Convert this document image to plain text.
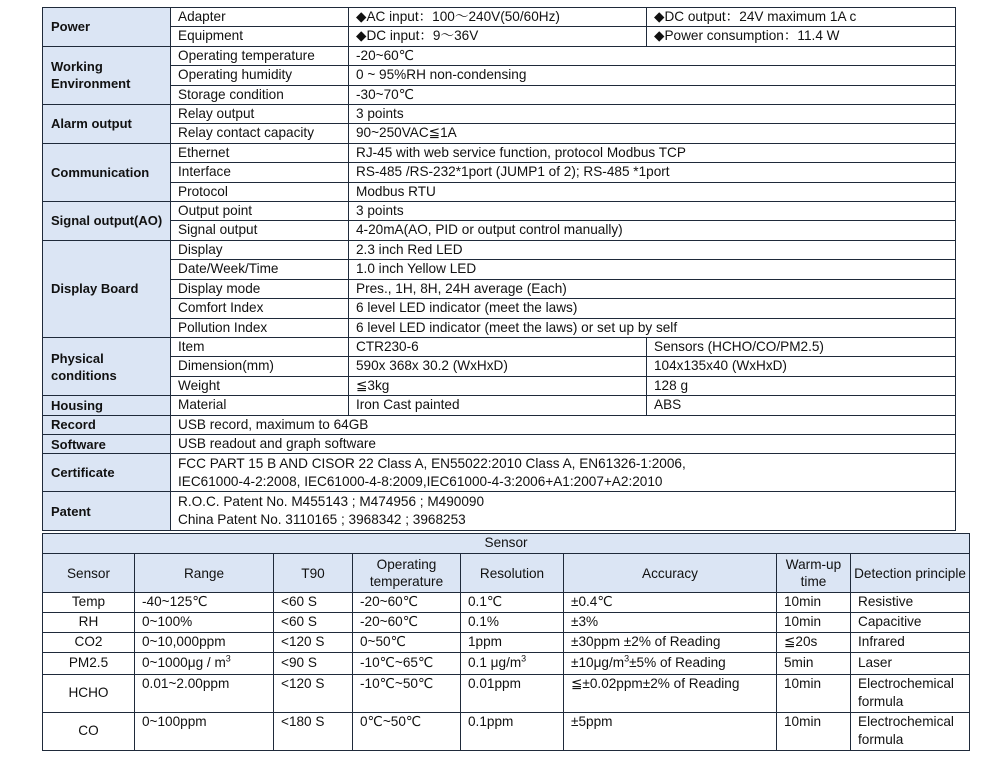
Power	Adapter	◆AC input：100～240V(50/60Hz)	◆DC output：24V maximum 1A c
	Equipment	◆DC input：9～36V	◆Power consumption：11.4 W
Working Environment	Operating temperature	-20~60℃	
	Operating humidity	0 ~ 95%RH non-condensing	
	Storage condition	-30~70℃	
Alarm output	Relay output	3 points	
	Relay contact capacity	90~250VAC≦1A	
Communication	Ethernet	RJ-45 with web service function, protocol Modbus TCP	
	Interface	RS-485 /RS-232*1port (JUMP1 of 2); RS-485 *1port	
	Protocol	Modbus RTU	
Signal output(AO)	Output point	3 points	
	Signal output	4-20mA(AO, PID or output control manually)	
Display Board	Display	2.3 inch Red LED	
	Date/Week/Time	1.0 inch Yellow LED	
	Display mode	Pres., 1H, 8H, 24H average (Each)	
	Comfort Index	6 level LED indicator (meet the laws)	
	Pollution Index	6 level LED indicator (meet the laws) or set up by self	
Physical conditions	Item	CTR230-6	Sensors (HCHO/CO/PM2.5)
	Dimension(mm)	590x 368x 30.2 (WxHxD)	104x135x40 (WxHxD)
	Weight	≦3kg	128 g
Housing	Material	Iron Cast painted	ABS
Record	USB record, maximum to 64GB		
Software	USB readout and graph software		
Certificate	FCC PART 15 B AND CISOR 22 Class A, EN55022:2010 Class A, EN61326-1:2006,
IEC61000-4-2:2008, IEC61000-4-8:2009,IEC61000-4-3:2006+A1:2007+A2:2010		

Patent	R.O.C. Patent No. M455143 ; M474956 ; M490090
China Patent No. 3110165 ; 3968342 ; 3968253		
Sensor							
Sensor	Range	T90	Operating temperature	Resolution	Accuracy	Warm-up time	Detection principle
Temp	-40~125℃	<60 S	-20~60℃	0.1℃	±0.4℃	10min	Resistive
RH	0~100%	<60 S	-20~60℃	0.1%	±3%	10min	Capacitive
CO2	0~10,000ppm	<120 S	0~50℃	1ppm	±30ppm ±2% of Reading	≦20s	Infrared
PM2.5	0~1000μg / $m^3$	<90 S	-10℃~65℃	0.1 $\mu g/m^3$	$\pm 10\mu g/m^3\pm 5\%$ of Reading	5min	Laser
HCHO	0.01~2.00ppm	<120 S	-10℃~50℃	0.01ppm	≦±0.02ppm±2% of Reading	10min	Electrochemical formula
CO	0~100ppm	<180 S	0℃~50℃	0.1ppm	±5ppm	10min	Electrochemical formula
